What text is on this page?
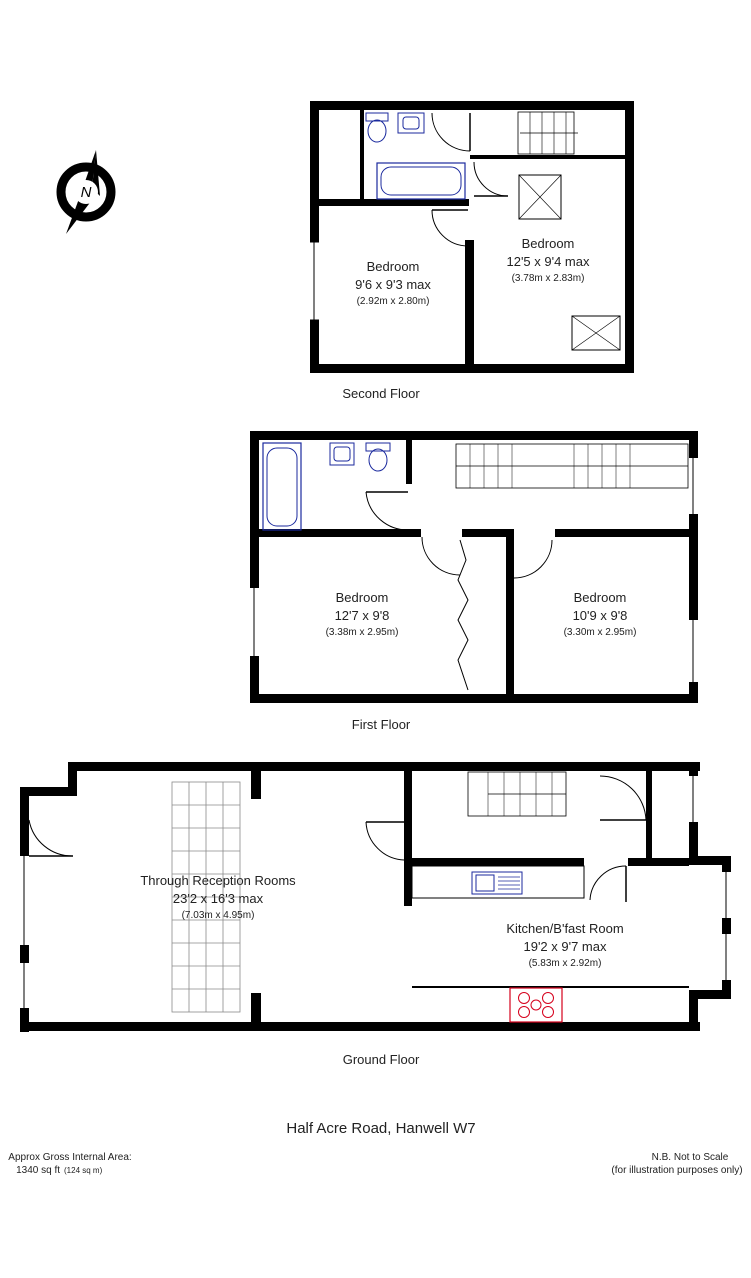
N
Bedroom
9'6 x 9'3 max
(2.92m x 2.80m)
Bedroom
12'5 x 9'4 max
(3.78m x 2.83m)
Second Floor
Bedroom
12'7 x 9'8
(3.38m x 2.95m)
Bedroom
10'9 x 9'8
(3.30m x 2.95m)
First Floor
Through Reception Rooms
23'2 x 16'3 max
(7.03m x 4.95m)
Kitchen/B'fast Room
19'2 x 9'7 max
(5.83m x 2.92m)
Ground Floor
Half Acre Road, Hanwell W7
Approx Gross Internal Area:
1340 sq ft (124 sq m)
N.B. Not to Scale
(for illustration purposes only)
